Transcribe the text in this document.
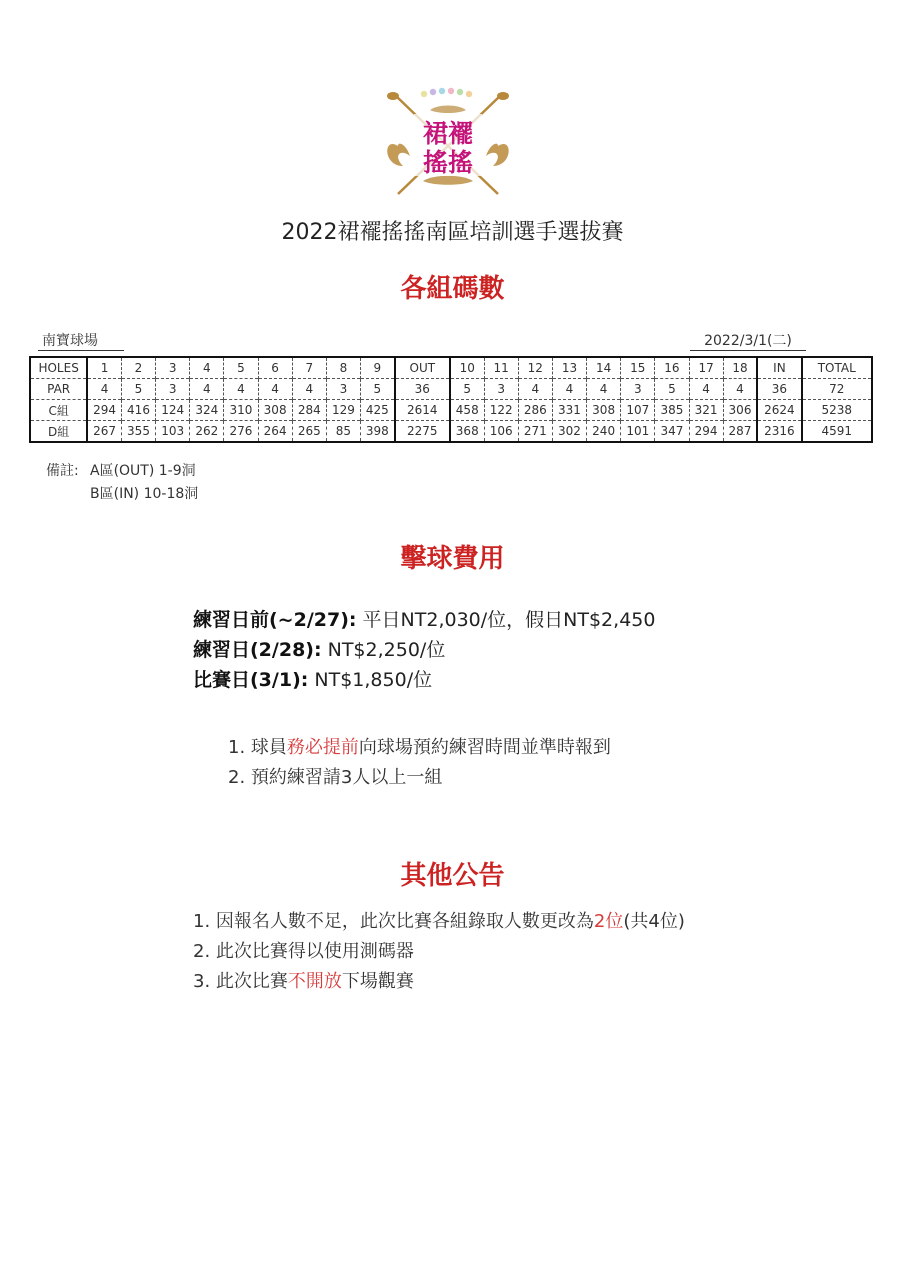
裙襬
搖搖
2022裙襬搖搖南區培訓選手選拔賽
各組碼數
南寶球場	2022/3/1(二)
HOLES	1	2	3	4	5	6	7	8	9	OUT	10	11	12	13	14	15	16	17	18	IN	TOTAL
PAR	4	5	3	4	4	4	4	3	5	36	5	3	4	4	4	3	5	4	4	36	72
C組	294	416	124	324	310	308	284	129	425	2614	458	122	286	331	308	107	385	321	306	2624	5238
D組	267	355	103	262	276	264	265	85	398	2275	368	106	271	302	240	101	347	294	287	2316	4591
備註: A區(OUT) 1-9洞
B區(IN) 10-18洞
擊球費用
練習日前(~2/27): 平日NT2,030/位，假日NT$2,450
練習日(2/28): NT$2,250/位
比賽日(3/1): NT$1,850/位
1. 球員務必提前向球場預約練習時間並準時報到
2. 預約練習請3人以上一組
其他公告
1. 因報名人數不足，此次比賽各組錄取人數更改為2位(共4位)
2. 此次比賽得以使用測碼器
3. 此次比賽不開放下場觀賽
